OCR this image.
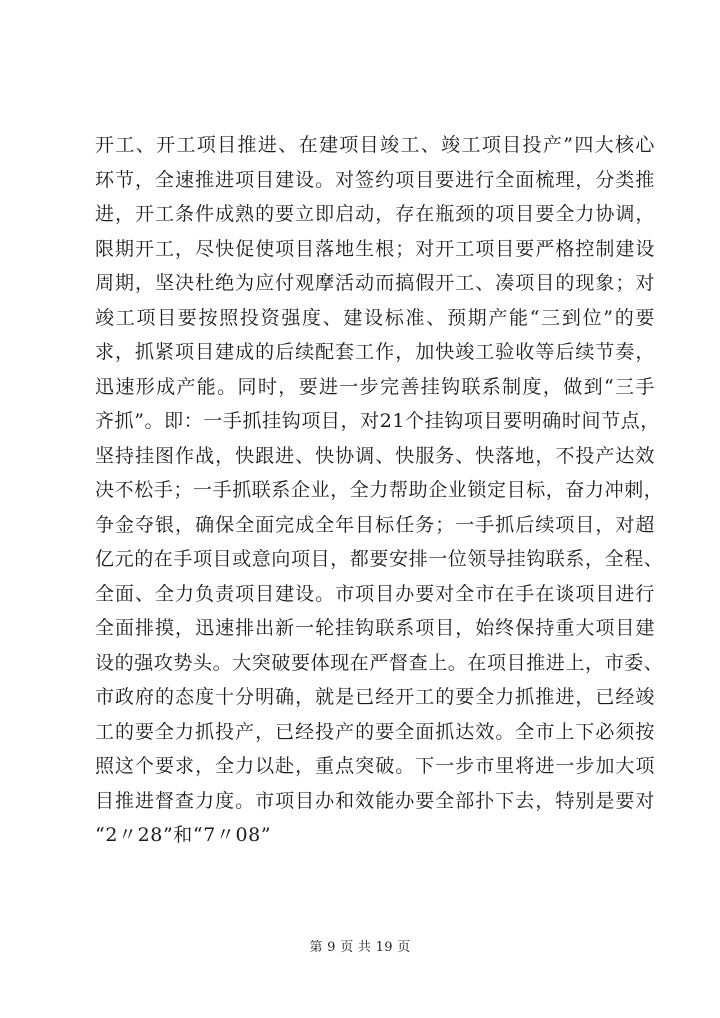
开工、开工项目推进、在建项目竣工、竣工项目投产”四大核心
环节，全速推进项目建设。对签约项目要进行全面梳理，分类推
进，开工条件成熟的要立即启动，存在瓶颈的项目要全力协调，
限期开工，尽快促使项目落地生根；对开工项目要严格控制建设
周期，坚决杜绝为应付观摩活动而搞假开工、凑项目的现象；对
竣工项目要按照投资强度、建设标准、预期产能“三到位”的要
求，抓紧项目建成的后续配套工作，加快竣工验收等后续节奏，
迅速形成产能。同时，要进一步完善挂钩联系制度，做到“三手
齐抓”。即：一手抓挂钩项目，对21个挂钩项目要明确时间节点，
坚持挂图作战，快跟进、快协调、快服务、快落地，不投产达效
决不松手；一手抓联系企业，全力帮助企业锁定目标，奋力冲刺，
争金夺银，确保全面完成全年目标任务；一手抓后续项目，对超
亿元的在手项目或意向项目，都要安排一位领导挂钩联系，全程、
全面、全力负责项目建设。市项目办要对全市在手在谈项目进行
全面排摸，迅速排出新一轮挂钩联系项目，始终保持重大项目建
设的强攻势头。大突破要体现在严督查上。在项目推进上，市委、
市政府的态度十分明确，就是已经开工的要全力抓推进，已经竣
工的要全力抓投产，已经投产的要全面抓达效。全市上下必须按
照这个要求，全力以赴，重点突破。下一步市里将进一步加大项
目推进督查力度。市项目办和效能办要全部扑下去，特别是要对
“2〃28”和“7〃08”
第 9 页 共 19 页
